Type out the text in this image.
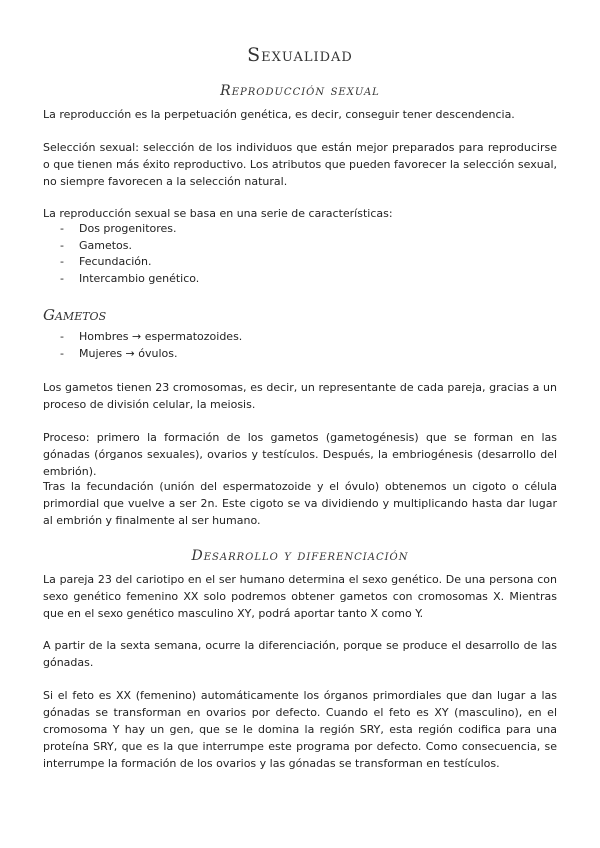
Sexualidad
Reproducción sexual

La reproducción es la perpetuación genética, es decir, conseguir tener descendencia.

Selección sexual: selección de los individuos que están mejor preparados para reproducirse o que tienen más éxito reproductivo. Los atributos que pueden favorecer la selección sexual, no siempre favorecen a la selección natural.

La reproducción sexual se basa en una serie de características:

- Dos progenitores.
- Gametos.
- Fecundación.
- Intercambio genético.
Gametos
- Hombres → espermatozoides.
- Mujeres → óvulos.

Los gametos tienen 23 cromosomas, es decir, un representante de cada pareja, gracias a un proceso de división celular, la meiosis.

Proceso: primero la formación de los gametos (gametogénesis) que se forman en las gónadas (órganos sexuales), ovarios y testículos. Después, la embriogénesis (desarrollo del embrión).

Tras la fecundación (unión del espermatozoide y el óvulo) obtenemos un cigoto o célula primordial que vuelve a ser 2n. Este cigoto se va dividiendo y multiplicando hasta dar lugar al embrión y finalmente al ser humano.

Desarrollo y diferenciación

La pareja 23 del cariotipo en el ser humano determina el sexo genético. De una persona con sexo genético femenino XX solo podremos obtener gametos con cromosomas X. Mientras que en el sexo genético masculino XY, podrá aportar tanto X como Y.

A partir de la sexta semana, ocurre la diferenciación, porque se produce el desarrollo de las gónadas.

Si el feto es XX (femenino) automáticamente los órganos primordiales que dan lugar a las gónadas se transforman en ovarios por defecto. Cuando el feto es XY (masculino), en el cromosoma Y hay un gen, que se le domina la región SRY, esta región codifica para una proteína SRY, que es la que interrumpe este programa por defecto. Como consecuencia, se interrumpe la formación de los ovarios y las gónadas se transforman en testículos.
